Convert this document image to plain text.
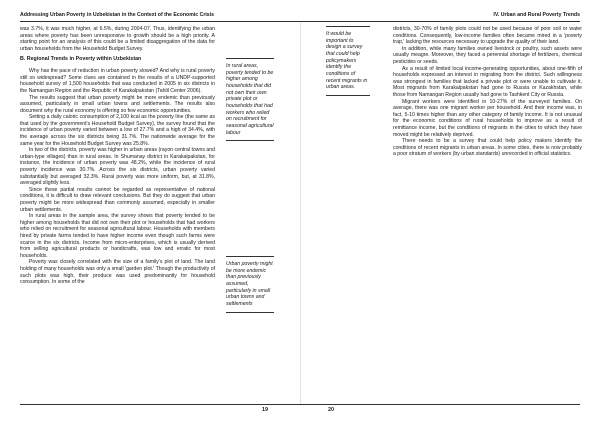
Addressing Urban Poverty in Uzbekistan in the Context of the Economic Crisis	IV. Urban and Rural Poverty Trends

was 3.7%, it was much higher, at 6.5%, during 2004-07. Thus, identifying the urban areas where poverty has been unresponsive to growth should be a high priority. A starting point for an analysis of this could be a limited disaggregation of the data for urban households from the Household Budget Survey.

B. Regional Trends in Poverty within Uzbekistan

Why has the pace of reduction in urban poverty slowed? And why is rural poverty still so widespread? Some clues are contained in the results of a UNDP-supported household survey of 1,500 households that was conducted in 2005 in six districts in the Namangan Region and the Republic of Karakalpakstan (Tahlil Center 2006).

The results suggest that urban poverty might be more endemic than previously assumed, particularly in small urban towns and settlements. The results also document why the rural economy is offering so few economic opportunities.

Setting a daily caloric consumption of 2,100 kcal as the poverty line (the same as that used by the government's Household Budget Survey), the survey found that the incidence of urban poverty varied between a low of 27.7% and a high of 34.4%, with the average across the six districts being 31.7%. The nationwide average for the same year for the Household Budget Survey was 25.8%.

In two of the districts, poverty was higher in urban areas (rayon central towns and urban-type villages) than in rural areas. In Shumanay district in Karakalpakstan, for instance, the incidence of urban poverty was 48.2%, while the incidence of rural poverty incidence was 30.7%. Across the six districts, urban poverty varied substantially but averaged 32.3%. Rural poverty was more uniform, but, at 31.8%, averaged slightly less.

Since these partial results cannot be regarded as representative of national conditions, it is difficult to draw relevant conclusions. But they do suggest that urban poverty might be more widespread than commonly assumed, especially in smaller urban settlements.

In rural areas in the sample area, the survey shows that poverty tended to be higher among households that did not own their plot or households that had workers who relied on recruitment for seasonal agricultural labour. Households with members hired by private farms tended to have higher income even though such farms were scarce in the six districts. Income from micro-enterprises, which is usually derived from selling agricultural products or handicrafts, was low and erratic for most households.

Poverty was closely correlated with the size of a family's plot of land. The land holding of many households was only a small 'garden plot.' Though the productivity of such plots was high, their produce was used predominantly for household consumption. In some of the

In rural areas, poverty tended to be higher among households that did not own their own private plot or households that had workers who relied on recruitment for seasonal agricultural labour

Urban poverty might be more endemic than previously assumed, particularly in small urban towns and settlements

It would be important to design a survey that could help policymakers identify the conditions of recent migrants in urban areas.

districts, 30-70% of family plots could not be used because of poor soil or water conditions. Consequently, low-income families often became mired in a 'poverty trap,' lacking the resources necessary to upgrade the quality of their land.

In addition, while many families owned livestock or poultry, such assets were usually meagre. Moreover, they faced a perennial shortage of fertilizers, chemical pesticides or seeds.

As a result of limited local income-generating opportunities, about one-fifth of households expressed an interest in migrating from the district. Such willingness was strongest in families that lacked a private plot or were unable to cultivate it. Most migrants from Karakalpakstan had gone to Russia or Kazakhstan, while those from Namangan Region usually had gone to Tashkent City or Russia.

Migrant workers were identified in 10-27% of the surveyed families. On average, there was one migrant worker per household. And their income was, in fact, 5-10 times higher than any other category of family income. It is not unusual for the economic conditions of rural households to improve as a result of remittance income, but the conditions of migrants in the cities to which they have moved might be relatively deprived.

There needs to be a survey that could help policy makers identify the conditions of recent migrants in urban areas. In some cities, there is now probably a poor stratum of workers (by urban standards) unrecorded in official statistics.

19	20
